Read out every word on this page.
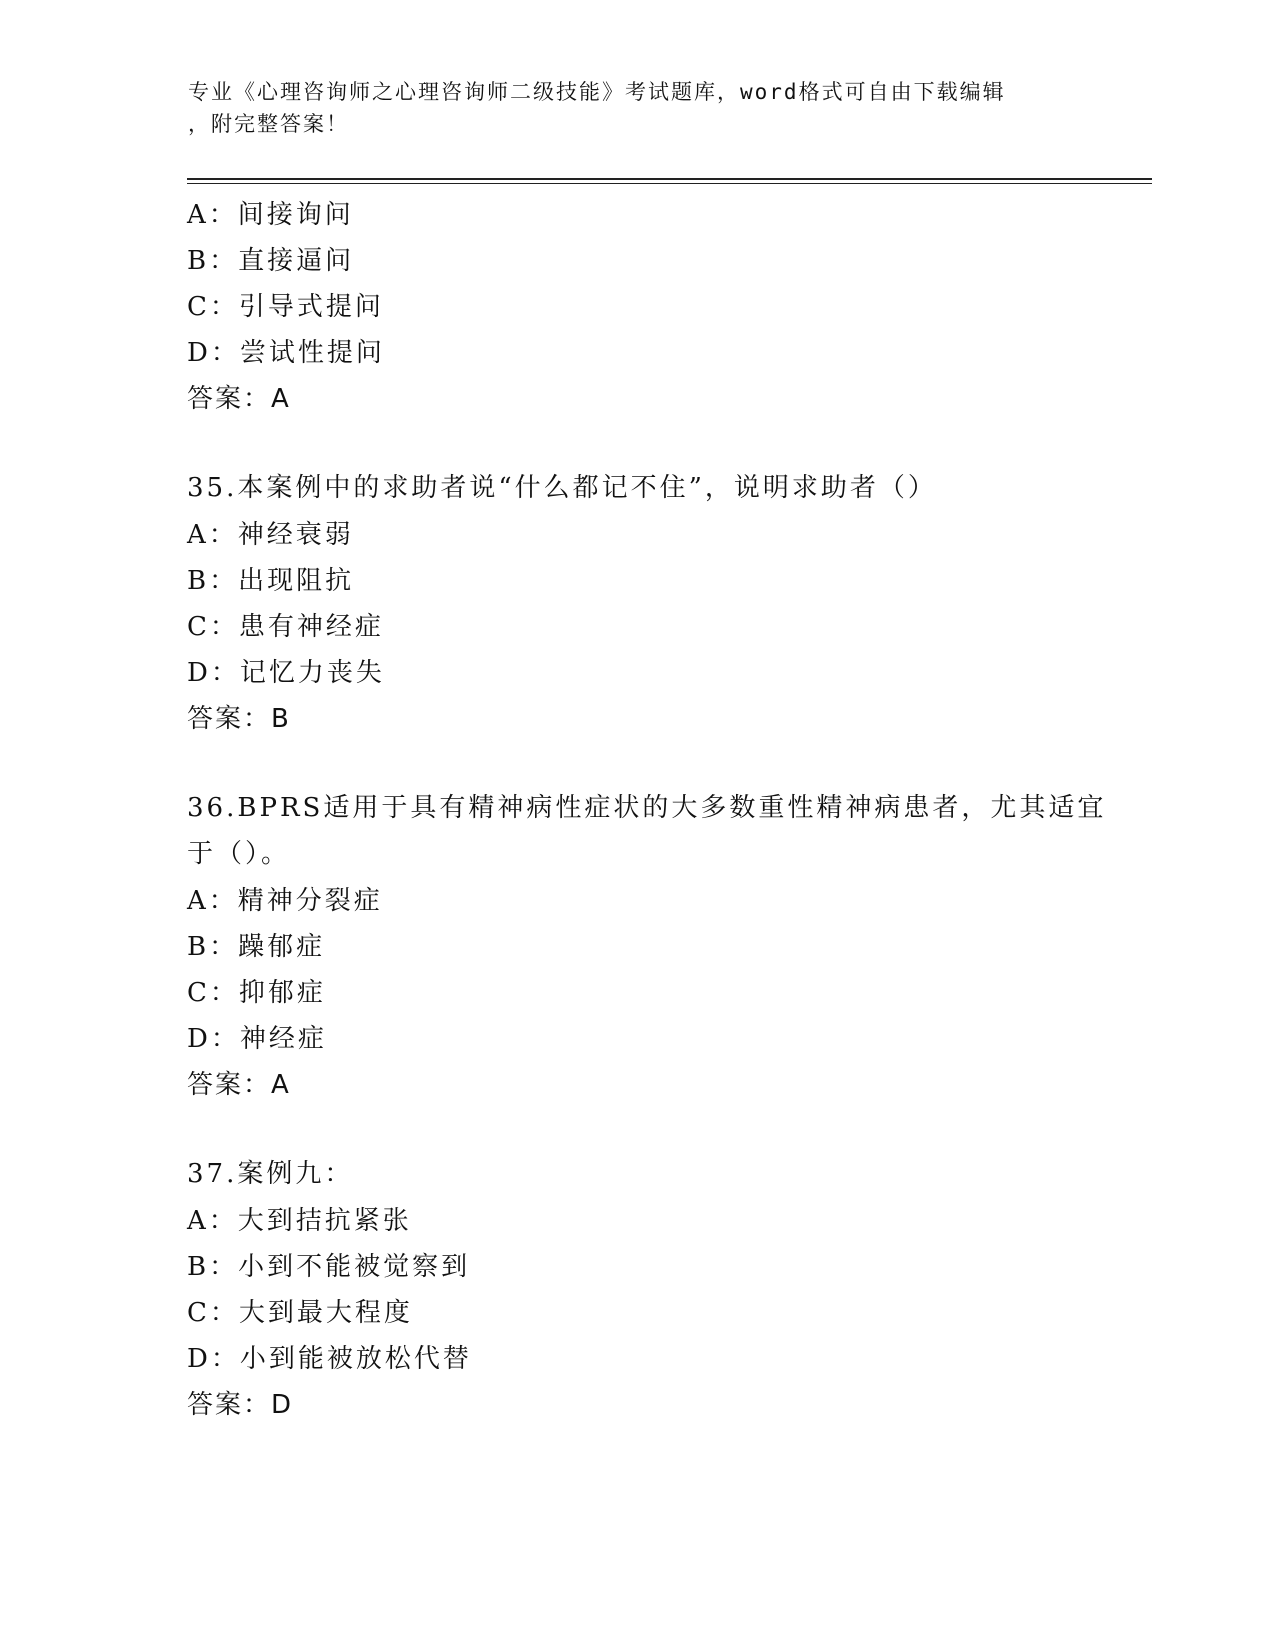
专业《心理咨询师之心理咨询师二级技能》考试题库，word格式可自由下载编辑
，附完整答案！
A：间接询问
B：直接逼问
C：引导式提问
D：尝试性提问
答案：A
35.本案例中的求助者说“什么都记不住”，说明求助者（）
A：神经衰弱
B：出现阻抗
C：患有神经症
D：记忆力丧失
答案：B
36.BPRS适用于具有精神病性症状的大多数重性精神病患者，尤其适宜
于（）。
A：精神分裂症
B：躁郁症
C：抑郁症
D：神经症
答案：A
37.案例九：
A：大到拮抗紧张
B：小到不能被觉察到
C：大到最大程度
D：小到能被放松代替
答案：D
